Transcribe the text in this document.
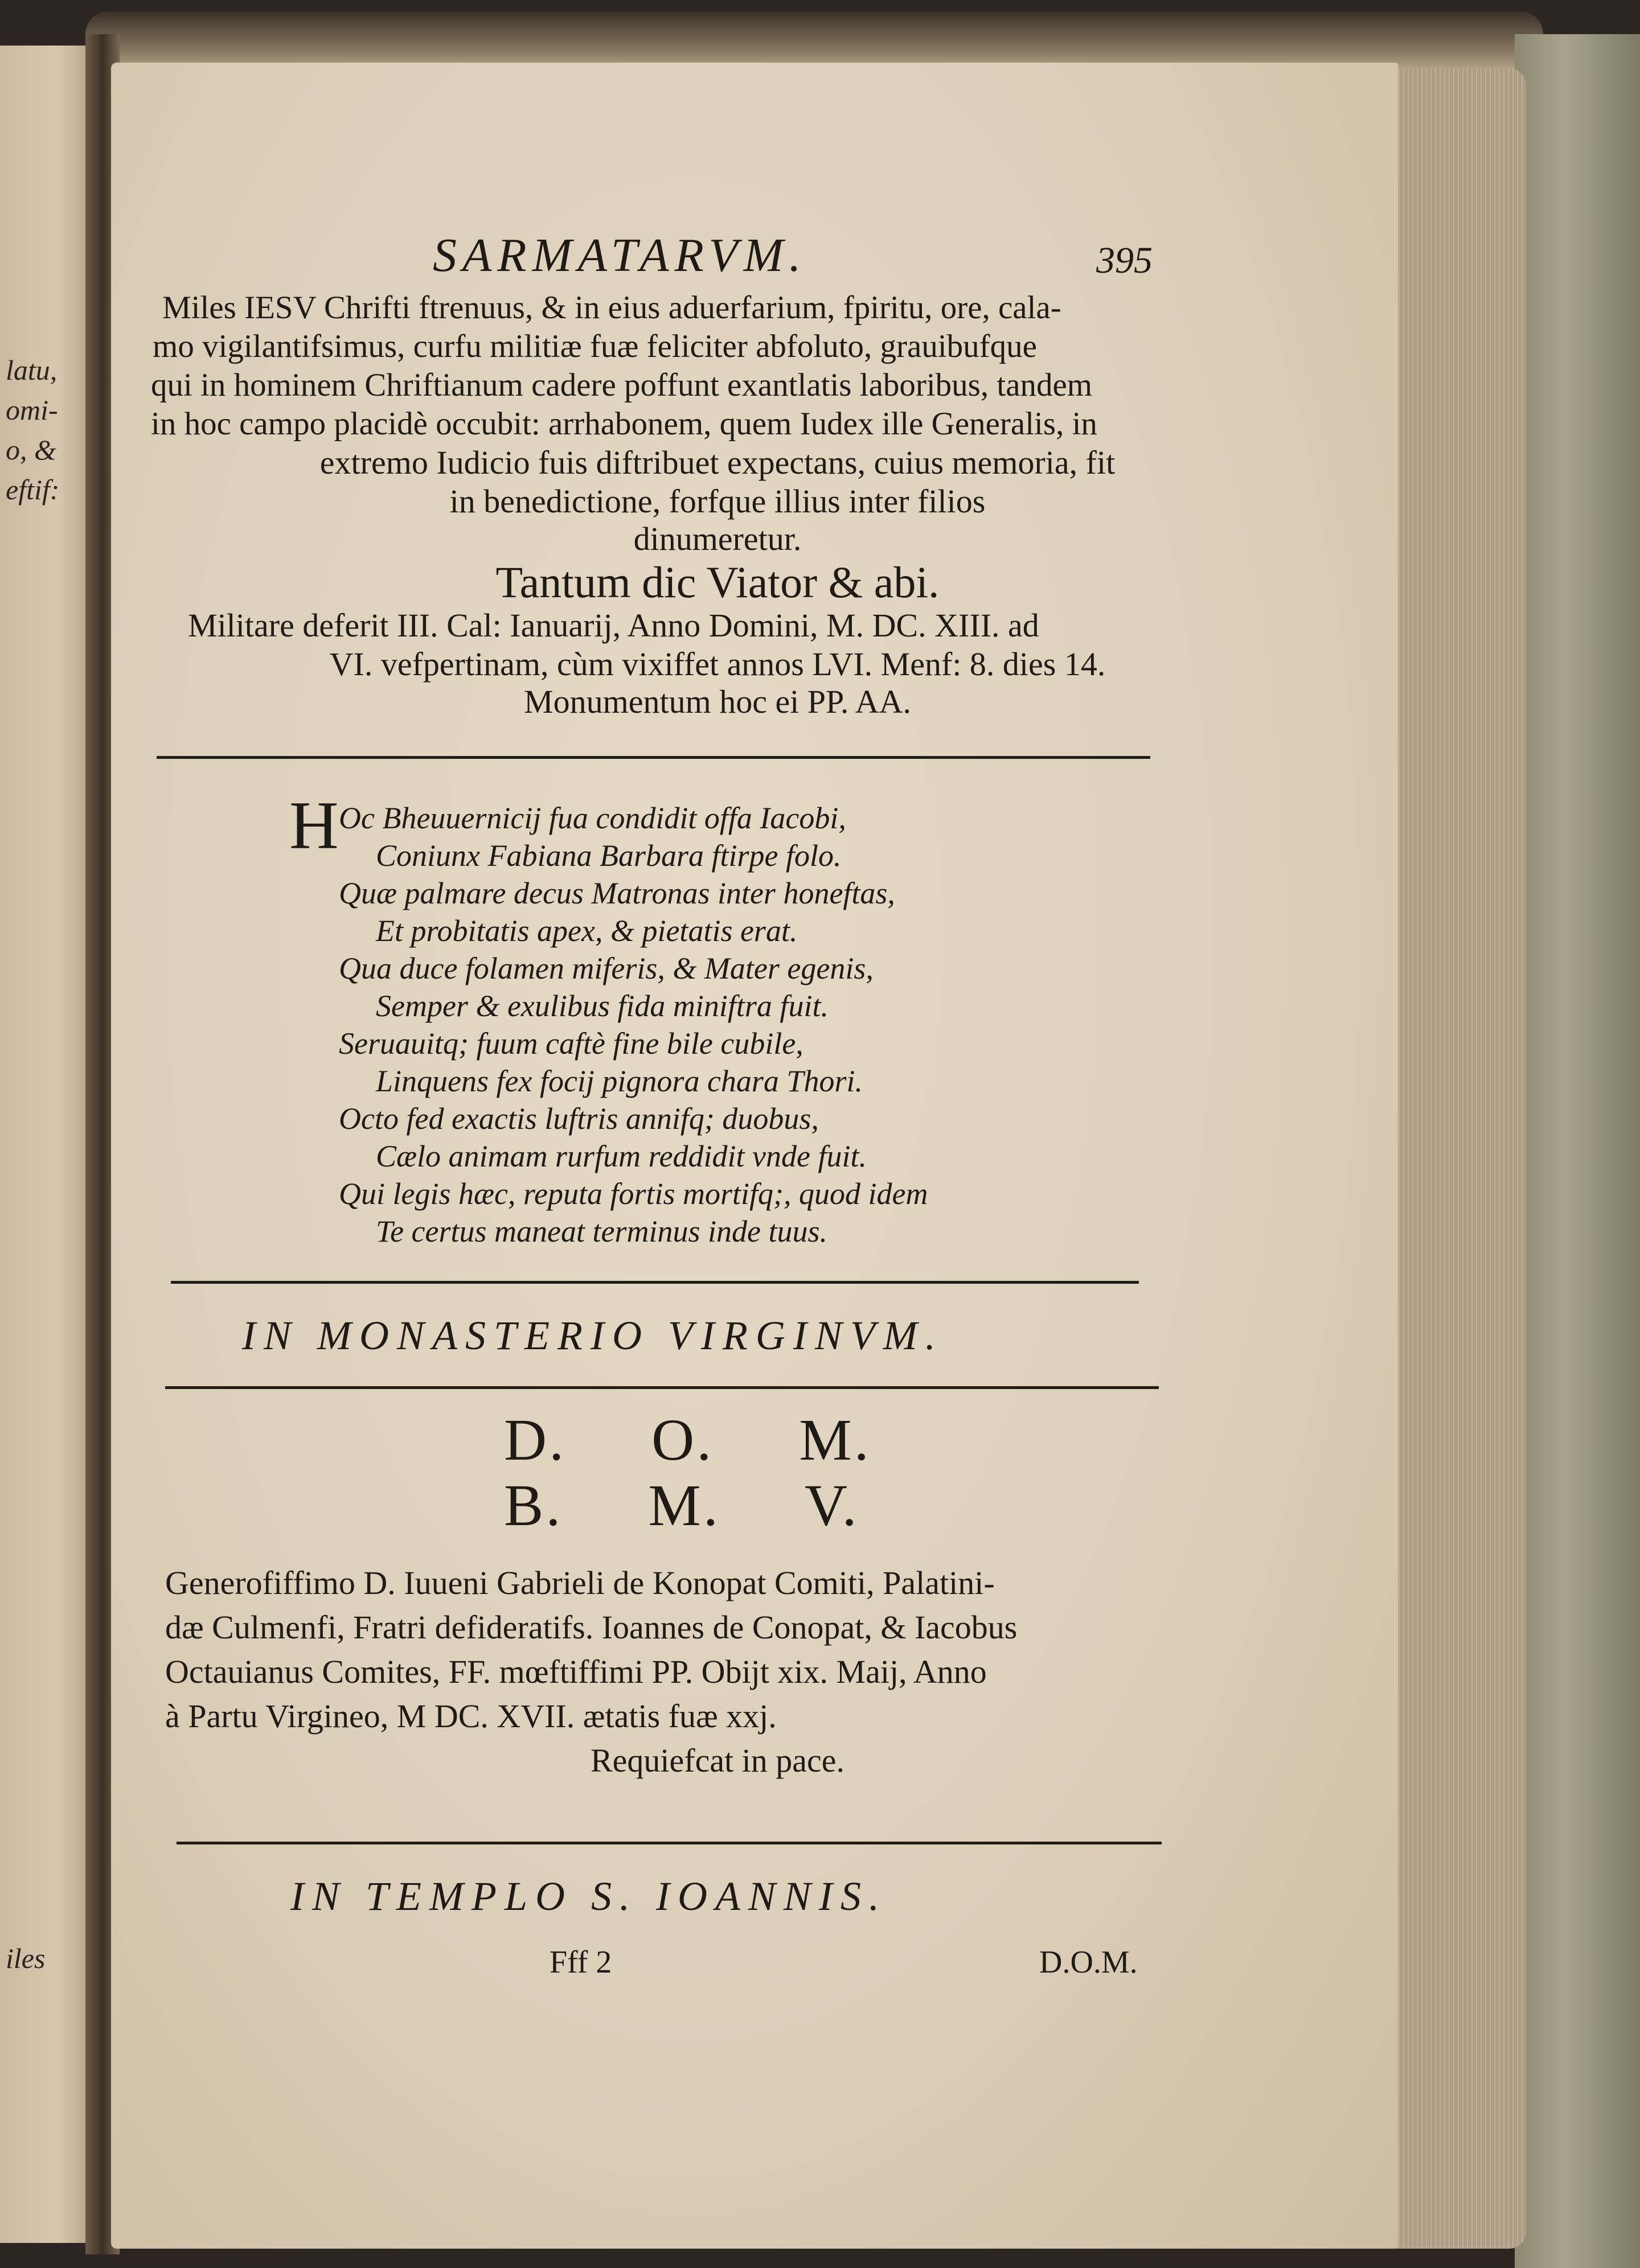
latu,
omi-
o, &
eftif:
iles
SARMATARVM.	395
Miles IESV Chrifti ftrenuus, & in eius aduerfarium, fpiritu, ore, cala-
mo vigilantifsimus, curfu militiæ fuæ feliciter abfoluto, grauibufque
qui in hominem Chriftianum cadere poffunt exantlatis laboribus, tandem
in hoc campo placidè occubit: arrhabonem, quem Iudex ille Generalis, in
extremo Iudicio fuis diftribuet expectans, cuius memoria, fit
in benedictione, forfque illius inter filios
dinumeretur.
Tantum dic Viator & abi.
Militare deferit III. Cal: Ianuarij, Anno Domini, M. DC. XIII. ad
VI. vefpertinam, cùm vixiffet annos LVI. Menf: 8. dies 14.
Monumentum hoc ei PP. AA.
H Oc Bheuuernicij fua condidit offa Iacobi,
Coniunx Fabiana Barbara ftirpe folo.
Quæ palmare decus Matronas inter honeftas,
Et probitatis apex, & pietatis erat.
Qua duce folamen miferis, & Mater egenis,
Semper & exulibus fida miniftra fuit.
Seruauitq; fuum caftè fine bile cubile,
Linquens fex focij pignora chara Thori.
Octo fed exactis luftris annifq; duobus,
Cælo animam rurfum reddidit vnde fuit.
Qui legis hæc, reputa fortis mortifq;, quod idem
Te certus maneat terminus inde tuus.
IN MONASTERIO VIRGINVM.
D. O. M.
B. M. V.
Generofiffimo D. Iuueni Gabrieli de Konopat Comiti, Palatini-
dæ Culmenfi, Fratri defideratifs. Ioannes de Conopat, & Iacobus
Octauianus Comites, FF. mœftiffimi PP. Obijt xix. Maij, Anno
à Partu Virgineo, M DC. XVII. ætatis fuæ xxj.
Requiefcat in pace.
IN TEMPLO S. IOANNIS.
Fff 2	D.O.M.
